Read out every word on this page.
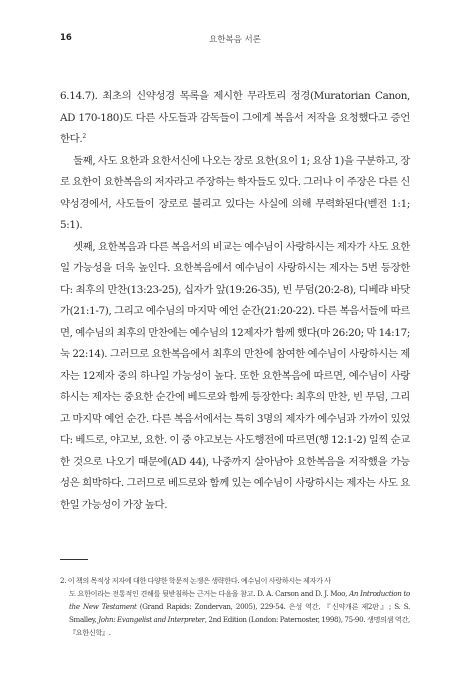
16	요한복음 서론

6.14.7). 최초의 신약성경 목록을 제시한 무라토리 정경(Muratorian Canon, AD 170-180)도 다른 사도들과 감독들이 그에게 복음서 저작을 요청했다고 증언한다.$^2$

둘째, 사도 요한과 요한서신에 나오는 장로 요한(요이 1; 요삼 1)을 구분하고, 장로 요한이 요한복음의 저자라고 주장하는 학자들도 있다. 그러나 이 주장은 다른 신약성경에서, 사도들이 장로로 불리고 있다는 사실에 의해 무력화된다(벧전 1:1; 5:1).

셋째, 요한복음과 다른 복음서의 비교는 예수님이 사랑하시는 제자가 사도 요한일 가능성을 더욱 높인다. 요한복음에서 예수님이 사랑하시는 제자는 5번 등장한다: 최후의 만찬(13:23-25), 십자가 앞(19:26-35), 빈 무덤(20:2-8), 디베랴 바닷가(21:1-7), 그리고 예수님의 마지막 예언 순간(21:20-22). 다른 복음서들에 따르면, 예수님의 최후의 만찬에는 예수님의 12제자가 함께 했다(마 26:20; 막 14:17; 눅 22:14). 그러므로 요한복음에서 최후의 만찬에 참여한 예수님이 사랑하시는 제자는 12제자 중의 하나일 가능성이 높다. 또한 요한복음에 따르면, 예수님이 사랑하시는 제자는 중요한 순간에 베드로와 함께 등장한다: 최후의 만찬, 빈 무덤, 그리고 마지막 예언 순간. 다른 복음서에서는 특히 3명의 제자가 예수님과 가까이 있었다: 베드로, 야고보, 요한. 이 중 야고보는 사도행전에 따르면(행 12:1-2) 일찍 순교한 것으로 나오기 때문에(AD 44), 나중까지 살아남아 요한복음을 저작했을 가능성은 희박하다. 그러므로 베드로와 함께 있는 예수님이 사랑하시는 제자는 사도 요한일 가능성이 가장 높다.

2. 이 책의 목적상 저자에 대한 다양한 학문적 논쟁은 생략한다. 예수님이 사랑하시는 제자가 사
도 요한이라는 전통적인 견해를 뒷받침하는 근거는 다음을 참고. D. A. Carson and D. J. Moo, An Introduction to the New Testament (Grand Rapids: Zondervan, 2005), 229-54. 은성 역간, 『신약개론 제2판』; S. S. Smalley, John: Evangelist and Interpreter, 2nd Edition (London: Paternoster, 1998), 75-90. 생명의샘 역간, 『요한신학』.
